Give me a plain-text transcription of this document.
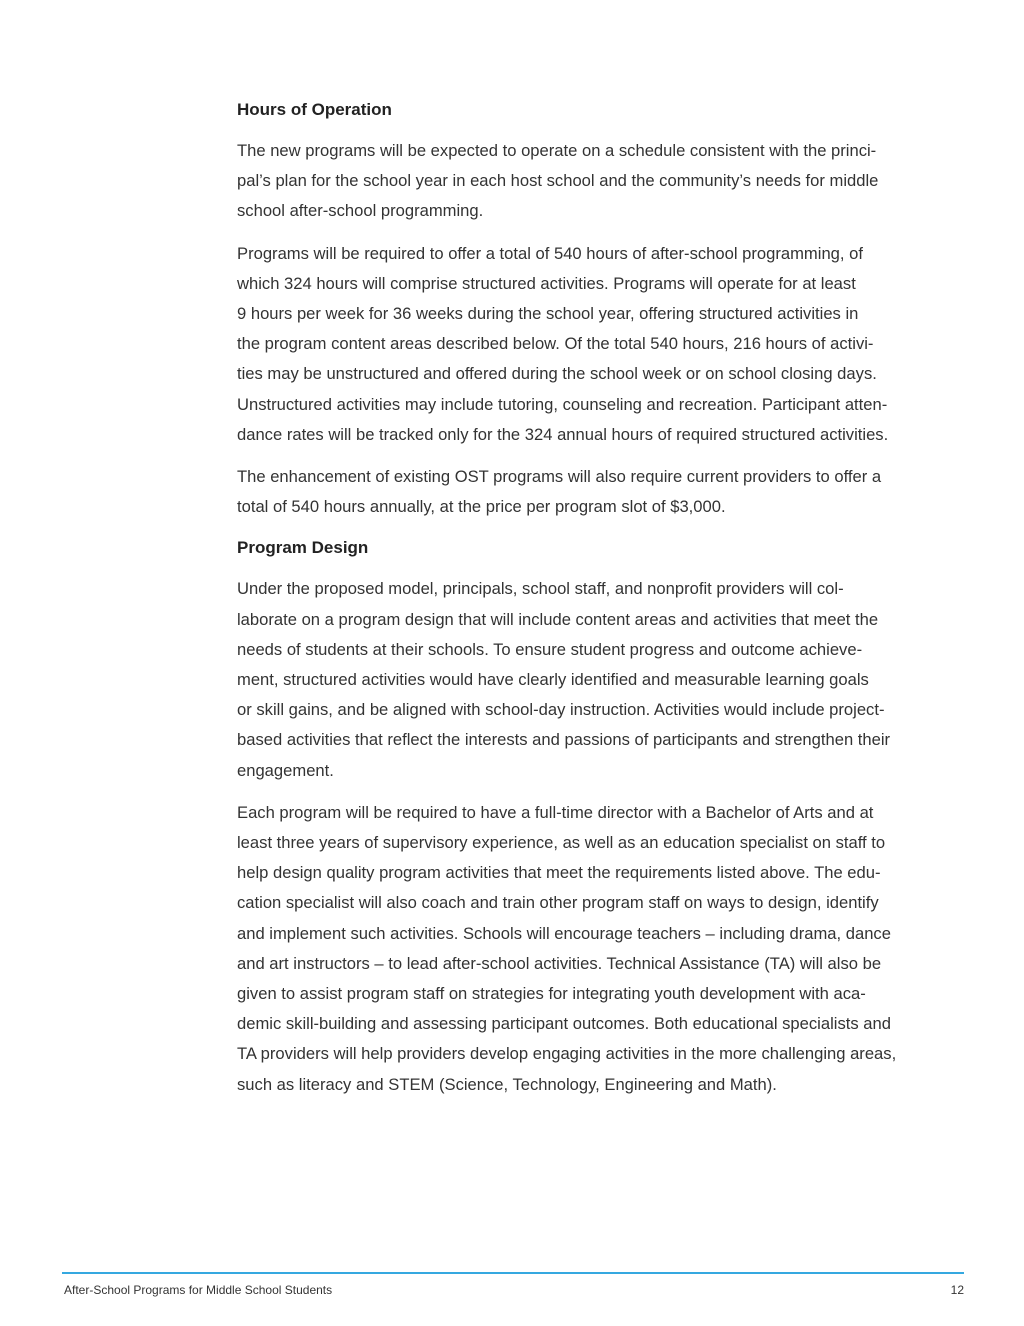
Hours of Operation

The new programs will be expected to operate on a schedule consistent with the princi-
pal’s plan for the school year in each host school and the community’s needs for middle
school after-school programming.

Programs will be required to offer a total of 540 hours of after-school programming, of
which 324 hours will comprise structured activities. Programs will operate for at least
9 hours per week for 36 weeks during the school year, offering structured activities in
the program content areas described below. Of the total 540 hours, 216 hours of activi-
ties may be unstructured and offered during the school week or on school closing days.
Unstructured activities may include tutoring, counseling and recreation. Participant atten-
dance rates will be tracked only for the 324 annual hours of required structured activities.

The enhancement of existing OST programs will also require current providers to offer a
total of 540 hours annually, at the price per program slot of $3,000.

Program Design

Under the proposed model, principals, school staff, and nonprofit providers will col-
laborate on a program design that will include content areas and activities that meet the
needs of students at their schools. To ensure student progress and outcome achieve-
ment, structured activities would have clearly identified and measurable learning goals
or skill gains, and be aligned with school-day instruction. Activities would include project-
based activities that reflect the interests and passions of participants and strengthen their
engagement.

Each program will be required to have a full-time director with a Bachelor of Arts and at
least three years of supervisory experience, as well as an education specialist on staff to
help design quality program activities that meet the requirements listed above. The edu-
cation specialist will also coach and train other program staff on ways to design, identify
and implement such activities. Schools will encourage teachers – including drama, dance
and art instructors – to lead after-school activities. Technical Assistance (TA) will also be
given to assist program staff on strategies for integrating youth development with aca-
demic skill-building and assessing participant outcomes. Both educational specialists and
TA providers will help providers develop engaging activities in the more challenging areas,
such as literacy and STEM (Science, Technology, Engineering and Math).

After-School Programs for Middle School Students	12
